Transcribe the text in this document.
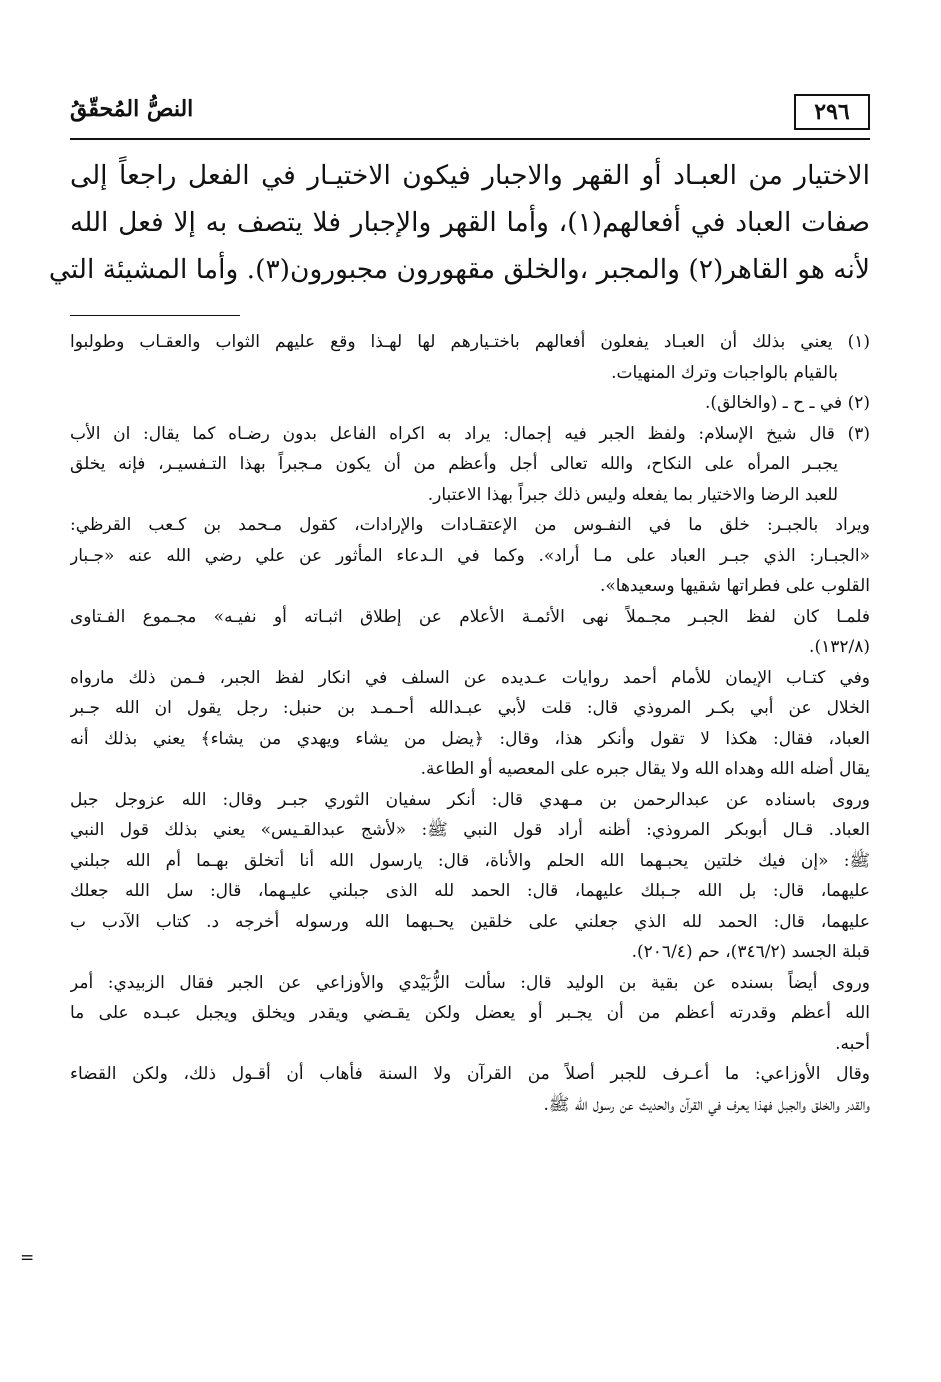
٢٩٦
النصُّ المُحقّقُ

الاختيار من العبـاد أو القهر والاجبار فيكون الاختيـار في الفعل راجعاً إلى

صفات العباد في أفعالهم(١)، وأما القهر والإجبار فلا يتصف به إلا فعل الله

لأنه هو القاهر(٢) والمجبر ،والخلق مقهورون مجبورون(٣). وأما المشيئة التي

(١) يعني بذلك أن العبـاد يفعلون أفعالهم باختـيارهم لها لهـذا وقع عليهم الثواب والعقـاب وطولبوا
بالقيام بالواجبات وترك المنهيات.
(٢) في ـ ح ـ (والخالق).
(٣) قال شيخ الإسلام: ولفظ الجبر فيه إجمال: يراد به اكراه الفاعل بدون رضـاه كما يقال: ان الأب
يجبـر المرأه على النكاح، والله تعالى أجل وأعظم من أن يكون مـجبراً بهذا التـفسيـر، فإنه يخلق
للعبد الرضا والاختيار بما يفعله وليس ذلك جبراً بهذا الاعتبار.
ويراد بالجبـر: خلق ما في النفـوس من الإعتقـادات والإرادات، كقول مـحمد بن كـعب القرظي:
«الجبـار: الذي جبـر العباد على مـا أراد». وكما في الـدعاء المأثور عن علي رضي الله عنه «جـبار
القلوب على فطراتها شقيها وسعيدها».
فلمـا كان لفظ الجبـر مجـملاً نهى الأئمـة الأعلام عن إطلاق اثبـاته أو نفيـه» مجـموع الفـتاوى
(١٣٢/٨).
وفي كتـاب الإيمان للأمام أحمد روايات عـديده عن السلف في انكار لفظ الجبر، فـمن ذلك مارواه
الخلال عن أبي بكـر المروذي قال: قلت لأبي عبـدالله أحـمـد بن حنبل: رجل يقول ان الله جـبر
العباد، فقال: هكذا لا تقول وأنكر هذا، وقال: ﴿يضل من يشاء ويهدي من يشاء﴾ يعني بذلك أنه
يقال أضله الله وهداه الله ولا يقال جبره على المعصيه أو الطاعة.
وروى باسناده عن عبدالرحمن بن مـهدي قال: أنكر سفيان الثوري جبـر وقال: الله عزوجل جبل
العباد. قـال أبوبكر المروذي: أظنه أراد قول النبي ﷺ: «لأشج عبدالقـيس» يعني بذلك قول النبي
ﷺ: «إن فيك خلتين يحبـهما الله الحلم والأناة، قال: يارسول الله أنا أتخلق بهـما أم الله جبلني
عليهما، قال: بل الله جـبلك عليهما، قال: الحمد لله الذى جبلني عليـهما، قال: سل الله جعلك
عليهما، قال: الحمد لله الذي جعلني على خلقين يحـبهما الله ورسوله أخرجه د. كتاب الآدب ب
قبلة الجسد (٣٤٦/٢)، حم (٢٠٦/٤).
وروى أيضاً بسنده عن بقية بن الوليد قال: سألت الزُّبَيْدي والأوزاعي عن الجبر فقال الزبيدي: أمر
الله أعظم وقدرته أعظم من أن يجـبر أو يعضل ولكن يقـضي ويقدر ويخلق ويجبل عبـده على ما
أحبه.
وقال الأوزاعي: ما أعـرف للجبر أصلاً من القرآن ولا السنة فأهاب أن أقـول ذلك، ولكن القضاء
والقدر والخلق والجبل فهذا يعرف في القرآن والحديث عن رسول الله ﷺ.
=
